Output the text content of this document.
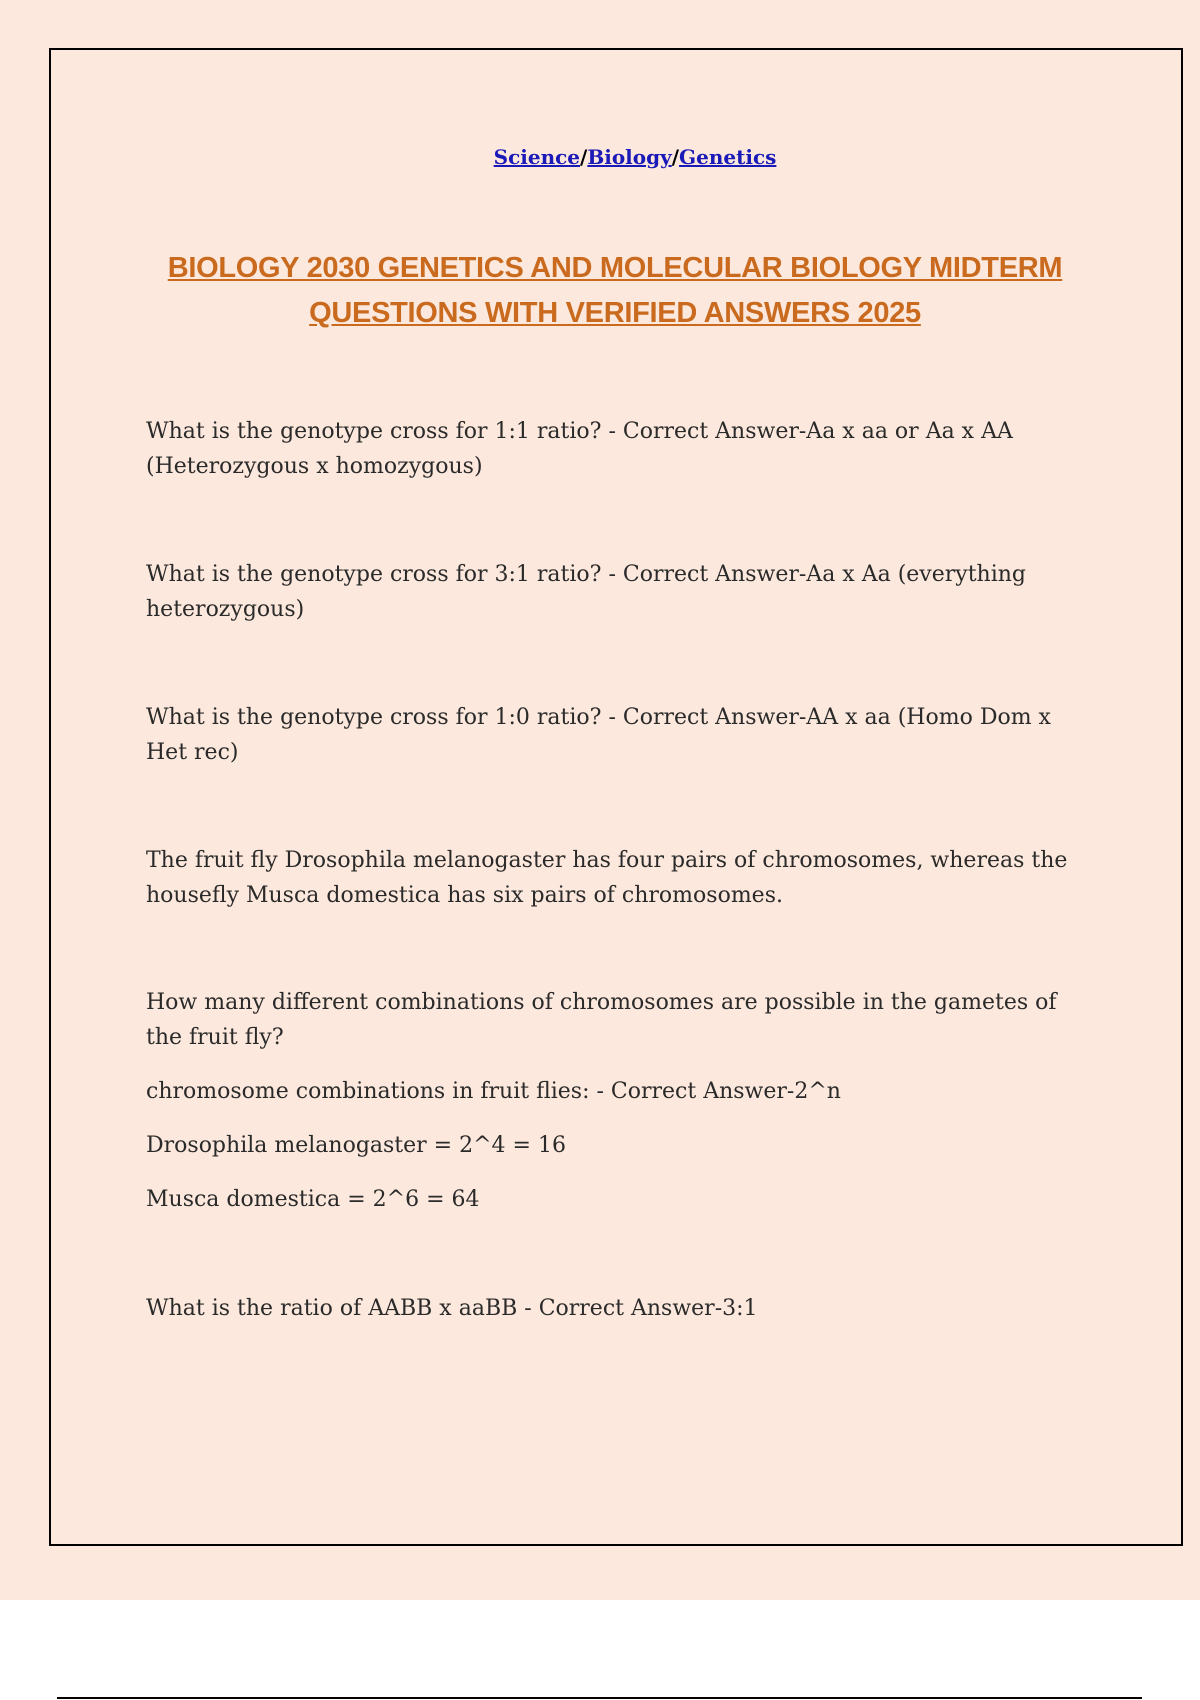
Science/Biology/Genetics
BIOLOGY 2030 GENETICS AND MOLECULAR BIOLOGY MIDTERM
QUESTIONS WITH VERIFIED ANSWERS 2025

What is the genotype cross for 1:1 ratio? - Correct Answer-Aa x aa or Aa x AA (Heterozygous x homozygous)

What is the genotype cross for 3:1 ratio? - Correct Answer-Aa x Aa (everything heterozygous)

What is the genotype cross for 1:0 ratio? - Correct Answer-AA x aa (Homo Dom x Het rec)

The fruit fly Drosophila melanogaster has four pairs of chromosomes, whereas the housefly Musca domestica has six pairs of chromosomes.

How many different combinations of chromosomes are possible in the gametes of the fruit fly?

chromosome combinations in fruit flies: - Correct Answer-2^n

Drosophila melanogaster = 2^4 = 16

Musca domestica = 2^6 = 64

What is the ratio of AABB x aaBB - Correct Answer-3:1
